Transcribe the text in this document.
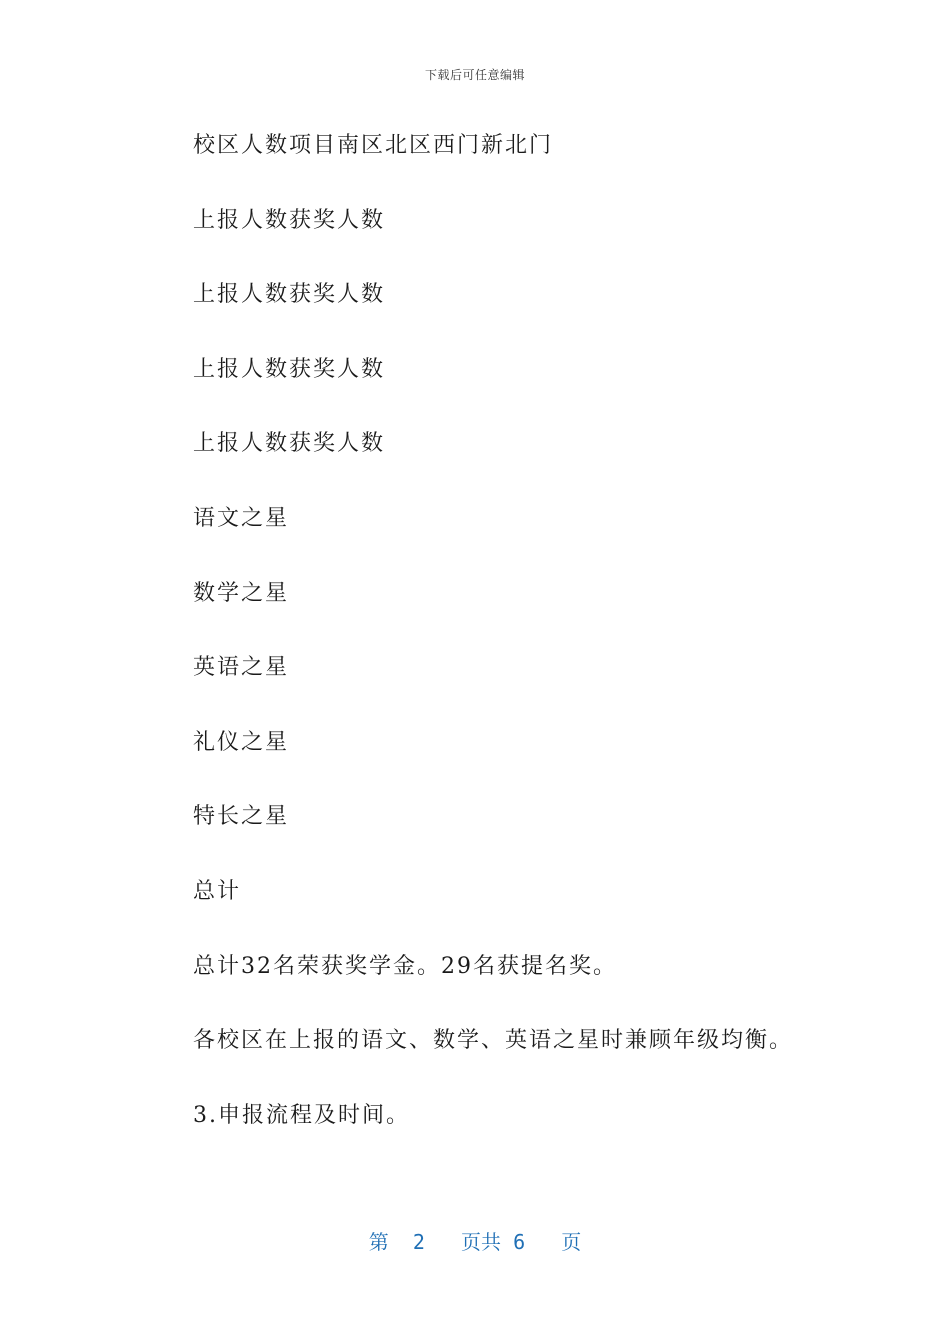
下载后可任意编辑
校区人数项目南区北区西门新北门
上报人数获奖人数
上报人数获奖人数
上报人数获奖人数
上报人数获奖人数
语文之星
数学之星
英语之星
礼仪之星
特长之星
总计
总计32名荣获奖学金。29名获提名奖。
各校区在上报的语文、数学、英语之星时兼顾年级均衡。
3.申报流程及时间。
第 2 页共 6 页
